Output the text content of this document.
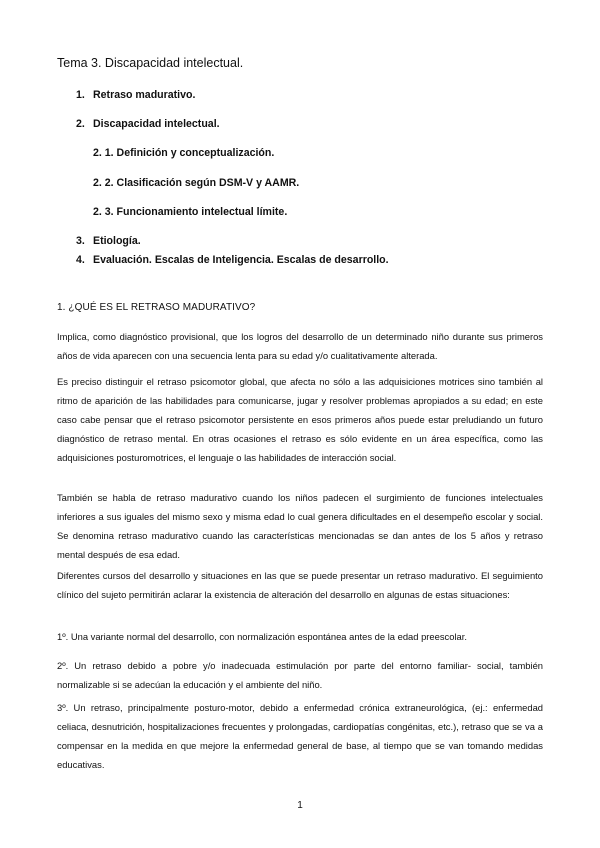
Tema 3. Discapacidad intelectual.
1. Retraso madurativo.
2. Discapacidad intelectual.
2. 1. Definición y conceptualización.
2. 2. Clasificación según DSM-V y AAMR.
2. 3. Funcionamiento intelectual límite.
3. Etiología.
4. Evaluación. Escalas de Inteligencia. Escalas de desarrollo.
1. ¿QUÉ ES EL RETRASO MADURATIVO?

Implica, como diagnóstico provisional, que los logros del desarrollo de un determinado niño durante sus primeros años de vida aparecen con una secuencia lenta para su edad y/o cualitativamente alterada.

Es preciso distinguir el retraso psicomotor global, que afecta no sólo a las adquisiciones motrices sino también al ritmo de aparición de las habilidades para comunicarse, jugar y resolver problemas apropiados a su edad; en este caso cabe pensar que el retraso psicomotor persistente en esos primeros años puede estar preludiando un futuro diagnóstico de retraso mental. En otras ocasiones el retraso es sólo evidente en un área específica, como las adquisiciones posturomotrices, el lenguaje o las habilidades de interacción social.

También se habla de retraso madurativo cuando los niños padecen el surgimiento de funciones intelectuales inferiores a sus iguales del mismo sexo y misma edad lo cual genera dificultades en el desempeño escolar y social. Se denomina retraso madurativo cuando las características mencionadas se dan antes de los 5 años y retraso mental después de esa edad.

Diferentes cursos del desarrollo y situaciones en las que se puede presentar un retraso madurativo. El seguimiento clínico del sujeto permitirán aclarar la existencia de alteración del desarrollo en algunas de estas situaciones:

1º. Una variante normal del desarrollo, con normalización espontánea antes de la edad preescolar.

2º. Un retraso debido a pobre y/o inadecuada estimulación por parte del entorno familiar- social, también normalizable si se adecúan la educación y el ambiente del niño.

3º. Un retraso, principalmente posturo-motor, debido a enfermedad crónica extraneurológica, (ej.: enfermedad celiaca, desnutrición, hospitalizaciones frecuentes y prolongadas, cardiopatías congénitas, etc.), retraso que se va a compensar en la medida en que mejore la enfermedad general de base, al tiempo que se van tomando medidas educativas.

1
